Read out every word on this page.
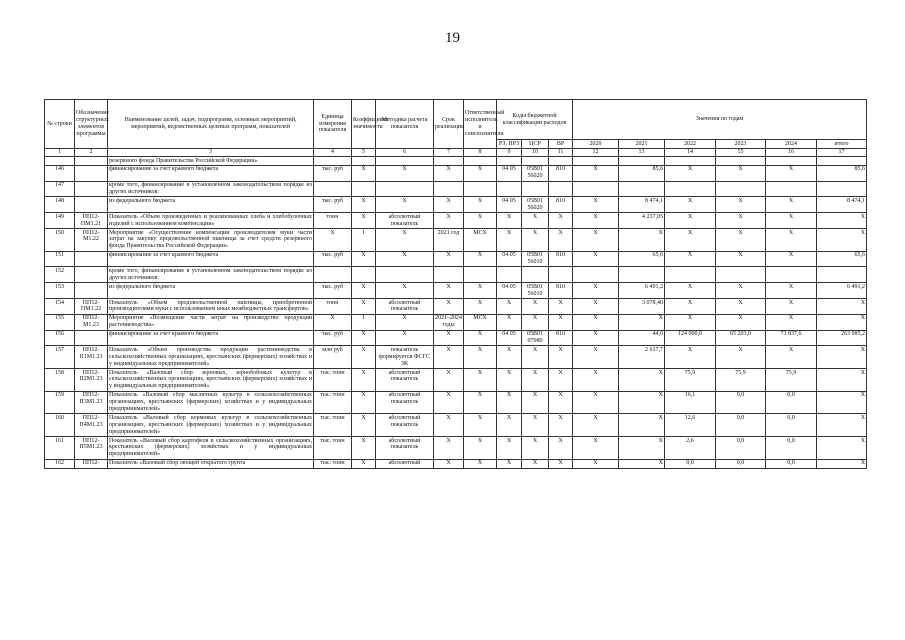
19
№ строки	Обозначение структурных элементов программы	Наименование целей, задач, подпрограмм, основных мероприятий, мероприятий, ведомственных целевых программ, показателей	Единица измерения показателя	Коэффициент значимости	Методика расчета показателя	Срок реализации	Ответственный исполнитель и соисполнители	Коды бюджетной классификации расходов			Значения по годам					
								РЗ, ПРЗ	ЦСР	ВР	2020	2021	2022	2023	2024	итого
1	2	3	4	5	6	7	8	9	10	11	12	13	14	15	16	17
		резервного фонда Правительства Российской Федерации»														
146		финансирование за счет краевого бюджета	тыс. руб	X	X	X	X	04 05	05В01 56020	810	X	85,6	X	X	X	85,6
147		кроме того, финансирование в установленном законодательством порядке из других источников:														
148		из федерального бюджета	тыс. руб	X	X	X	X	04 05	05В01 56020	810	X	8 474,1	X	X	X	8 474,1
149	ПП12-ПМ1.21	Показатель «Объем произведенных и реализованных хлеба и хлебобулочных изделий с использованием компенсации»	тонн	X	абсолютный показатель	X	X	X	X	X	X	4 237,05	X	X	X	X
150	ПП12-М1.22	Мероприятие «Осуществление компенсации производителям муки части затрат на закупку продовольственной пшеницы за счет средств резервного фонда Правительства Российской Федерации»	X	1	X	2021 год	МСХ	X	X	X	X	X	X	X	X	X
151		финансирование за счет краевого бюджета	тыс. руб	X	X	X	X	04 05	05В01 56010	810	X	65,6	X	X	X	65,6
152		кроме того, финансирование в установленном законодательством порядке из других источников:														
153		из федерального бюджета	тыс. руб	X	X	X	X	04 05	05В01 56010	810	X	6 491,2	X	X	X	6 491,2
154	ПП12-ПМ1.22	Показатель «Объем продовольственной пшеницы, приобретенной производителями муки с использованием иных межбюджетных трансфертов»	тонн	X	абсолютный показатель	X	X	X	X	X	X	3 078,40	X	X	X	X
155	ПП12-М1.23	Мероприятие «Возмещение части затрат на производство продукции растениеводства»	X	1	X	2021–2024 годы	МСХ	X	X	X	X	X	X	X	X	X
156		финансирование за счет краевого бюджета	тыс. руб	X	X	X	X	04 05	05В01 07080	810	X	44,6	124 000,0	65 203,0	73 837,6	263 085,2
157	ПП12-П1М1.23	Показатель «Объем производства продукции растениеводства в сельскохозяйственных организациях, крестьянских (фермерских) хозяйствах и у индивидуальных предпринимателей»	млн руб	X	показатель формируется ФСГС ЗК	X	X	X	X	X	X	2 617,7	X	X	X	X
158	ПП12-П2М1.23	Показатель «Валовый сбор зерновых, зернобобовых культур в сельскохозяйственных организациях, крестьянских (фермерских) хозяйствах и у индивидуальных предпринимателей»	тыс. тонн	X	абсолютный показатель	X	X	X	X	X	X	X	75,9	75,9	75,9	X
159	ПП12-П3М1.23	Показатель «Валовый сбор масличных культур в сельскохозяйственных организациях, крестьянских (фермерских) хозяйствах и у индивидуальных предпринимателей»	тыс. тонн	X	абсолютный показатель	X	X	X	X	X	X	X	16,1	0,0	0,0	X
160	ПП12-П4М1.23	Показатель «Валовый сбор кормовых культур в сельскохозяйственных организациях, крестьянских (фермерских) хозяйствах и у индивидуальных предпринимателей»	тыс. тонн	X	абсолютный показатель	X	X	X	X	X	X	X	12,6	0,0	0,0	X
161	ПП12-П5М1.23	Показатель «Валовый сбор картофеля в сельскохозяйственных организациях, крестьянских (фермерских) хозяйствах и у индивидуальных предпринимателей»	тыс. тонн	X	абсолютный показатель	X	X	X	X	X	X	X	2,6	0,0	0,0	X
162	ПП12-	Показатель «Валовый сбор овощей открытого грунта	тыс. тонн	X	абсолютный	X	X	X	X	X	X	X	0,0	0,0	0,0	X
